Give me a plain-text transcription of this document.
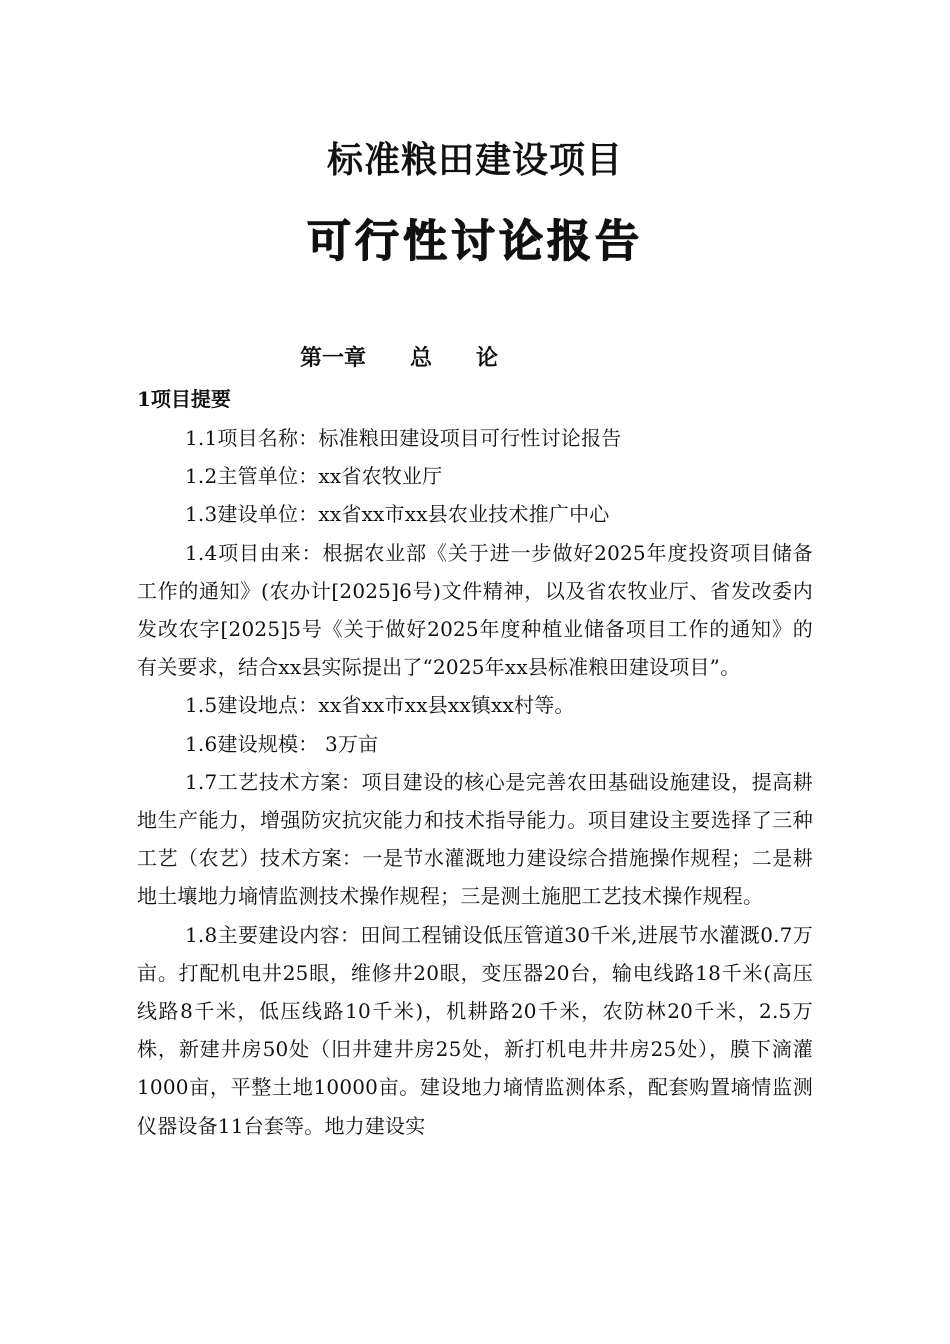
标准粮田建设项目
可行性讨论报告
第一章　　总　　论
1项目提要

1.1项目名称：标准粮田建设项目可行性讨论报告

1.2主管单位：xx省农牧业厅

1.3建设单位：xx省xx市xx县农业技术推广中心

1.4项目由来：根据农业部《关于进一步做好2025年度投资项目储备工作的通知》(农办计[2025]6号)文件精神，以及省农牧业厅、省发改委内发改农字[2025]5号《关于做好2025年度种植业储备项目工作的通知》的有关要求，结合xx县实际提出了“2025年xx县标准粮田建设项目”。

1.5建设地点：xx省xx市xx县xx镇xx村等。

1.6建设规模： 3万亩

1.7工艺技术方案：项目建设的核心是完善农田基础设施建设，提高耕地生产能力，增强防灾抗灾能力和技术指导能力。项目建设主要选择了三种工艺（农艺）技术方案：一是节水灌溉地力建设综合措施操作规程；二是耕地土壤地力墒情监测技术操作规程；三是测土施肥工艺技术操作规程。

1.8主要建设内容：田间工程铺设低压管道30千米,进展节水灌溉0.7万亩。打配机电井25眼，维修井20眼，变压器20台，输电线路18千米(高压线路8千米，低压线路10千米)，机耕路20千米，农防林20千米，2.5万株，新建井房50处（旧井建井房25处，新打机电井井房25处），膜下滴灌1000亩，平整土地10000亩。建设地力墒情监测体系，配套购置墒情监测仪器设备11台套等。地力建设实
